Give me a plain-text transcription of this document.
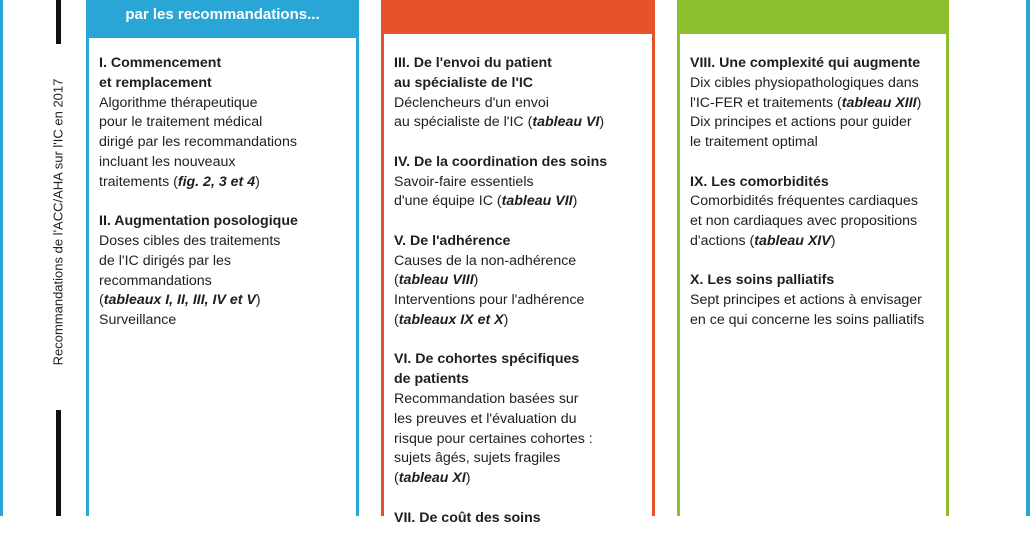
Recommandations de l'ACC/AHA sur l'IC en 2017
par les recommandations...
I. Commencement
et remplacement
Algorithme thérapeutique
pour le traitement médical
dirigé par les recommandations
incluant les nouveaux
traitements (fig. 2, 3 et 4)
II. Augmentation posologique
Doses cibles des traitements
de l'IC dirigés par les
recommandations
(tableaux I, II, III, IV et V)
Surveillance
III. De l'envoi du patient
au spécialiste de l'IC
Déclencheurs d'un envoi
au spécialiste de l'IC (tableau VI)
IV. De la coordination des soins
Savoir-faire essentiels
d'une équipe IC (tableau VII)
V. De l'adhérence
Causes de la non-adhérence
(tableau VIII)
Interventions pour l'adhérence
(tableaux IX et X)
VI. De cohortes spécifiques
de patients
Recommandation basées sur
les preuves et l'évaluation du
risque pour certaines cohortes :
sujets âgés, sujets fragiles
(tableau XI)
VII. De coût des soins
VIII. Une complexité qui augmente
Dix cibles physiopathologiques dans
l'IC-FER et traitements (tableau XIII)
Dix principes et actions pour guider
le traitement optimal
IX. Les comorbidités
Comorbidités fréquentes cardiaques
et non cardiaques avec propositions
d'actions (tableau XIV)
X. Les soins palliatifs
Sept principes et actions à envisager
en ce qui concerne les soins palliatifs
